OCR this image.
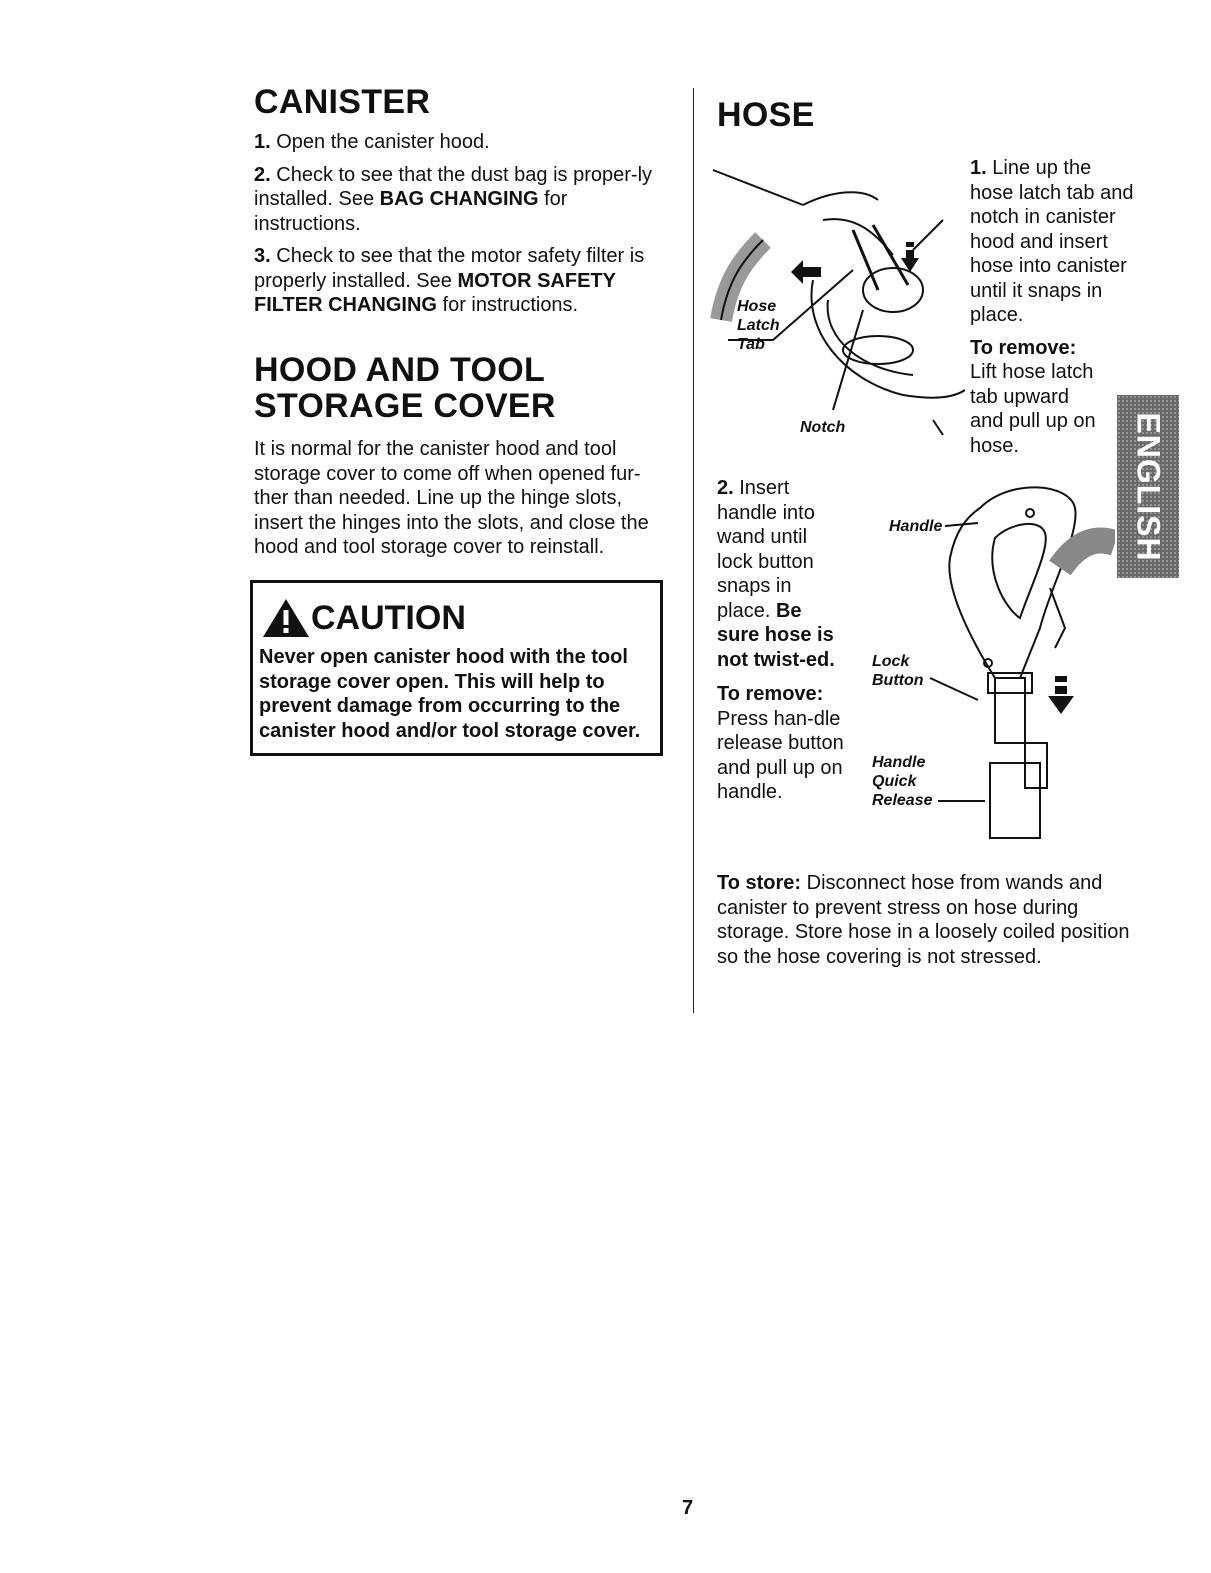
CANISTER

1. Open the canister hood.

2. Check to see that the dust bag is proper-ly installed. See BAG CHANGING for instructions.

3. Check to see that the motor safety filter is properly installed. See MOTOR SAFETY FILTER CHANGING for instructions.

HOOD AND TOOL
STORAGE COVER
It is normal for the canister hood and tool storage cover to come off when opened fur-ther than needed. Line up the hinge slots, insert the hinges into the slots, and close the hood and tool storage cover to reinstall.
CAUTION
Never open canister hood with the tool storage cover open. This will help to prevent damage from occurring to the canister hood and/or tool storage cover.
HOSE
Hose
Latch
Tab
Notch

1. Line up the hose latch tab and notch in canister hood and insert hose into canister until it snaps in place.

To remove: Lift hose latch tab upward and pull up on hose.	ENGLISH

2. Insert handle into wand until lock button snaps in place. Be sure hose is not twist-ed.

To remove:
Press han-dle release button and pull up on handle.

Handle
Lock
Button
Handle
Quick
Release
To store: Disconnect hose from wands and canister to prevent stress on hose during storage. Store hose in a loosely coiled position so the hose covering is not stressed.
7
